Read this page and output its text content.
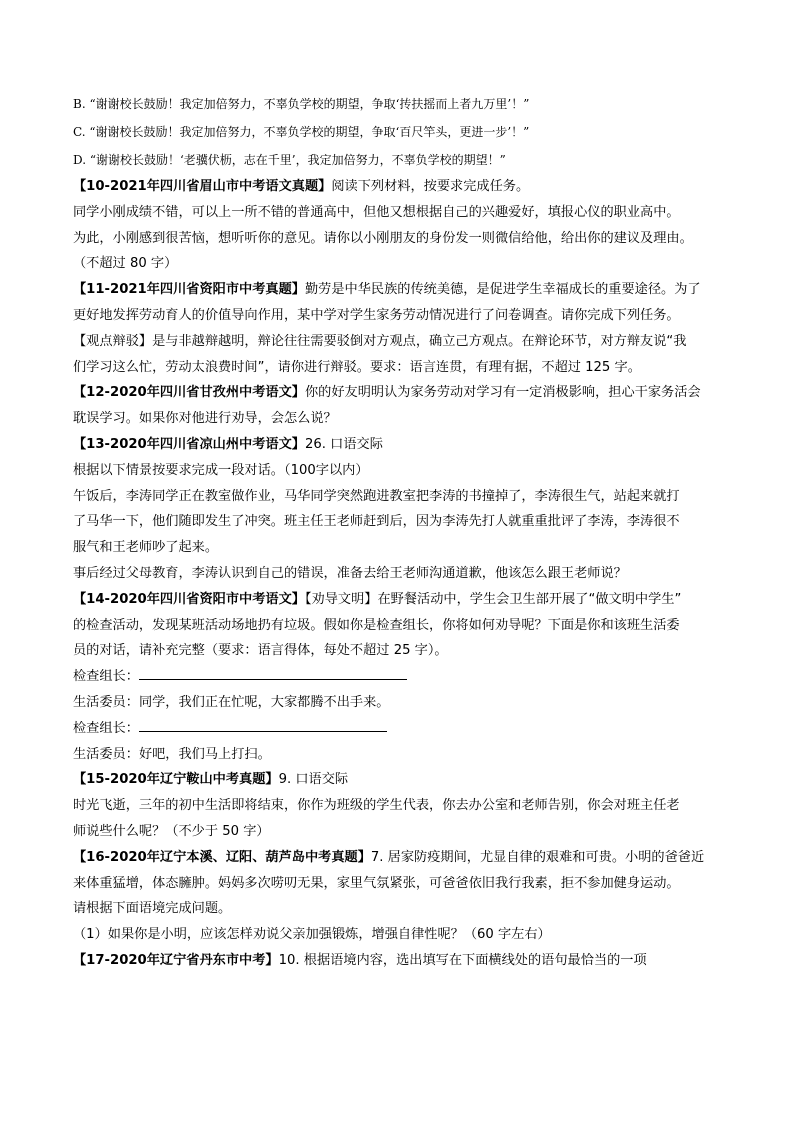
B. “谢谢校长鼓励！我定加倍努力，不辜负学校的期望，争取‘抟扶摇而上者九万里’！”

C. “谢谢校长鼓励！我定加倍努力，不辜负学校的期望，争取‘百尺竿头，更进一步’！”

D. “谢谢校长鼓励！‘老骥伏枥，志在千里’，我定加倍努力，不辜负学校的期望！”

【10-2021年四川省眉山市中考语文真题】阅读下列材料，按要求完成任务。

同学小刚成绩不错，可以上一所不错的普通高中，但他又想根据自己的兴趣爱好，填报心仪的职业高中。

为此，小刚感到很苦恼，想听听你的意见。请你以小刚朋友的身份发一则微信给他，给出你的建议及理由。

（不超过 80 字）

【11-2021年四川省资阳市中考真题】勤劳是中华民族的传统美德，是促进学生幸福成长的重要途径。为了

更好地发挥劳动育人的价值导向作用，某中学对学生家务劳动情况进行了问卷调查。请你完成下列任务。

【观点辩驳】是与非越辩越明，辩论往往需要驳倒对方观点，确立己方观点。在辩论环节，对方辩友说“我

们学习这么忙，劳动太浪费时间”，请你进行辩驳。要求：语言连贯，有理有据，不超过 125 字。

【12-2020年四川省甘孜州中考语文】你的好友明明认为家务劳动对学习有一定消极影响，担心干家务活会

耽误学习。如果你对他进行劝导，会怎么说？

【13-2020年四川省凉山州中考语文】26. 口语交际

根据以下情景按要求完成一段对话。（100字以内）

午饭后，李涛同学正在教室做作业，马华同学突然跑进教室把李涛的书撞掉了，李涛很生气，站起来就打

了马华一下，他们随即发生了冲突。班主任王老师赶到后，因为李涛先打人就重重批评了李涛，李涛很不

服气和王老师吵了起来。

事后经过父母教育，李涛认识到自己的错误，准备去给王老师沟通道歉，他该怎么跟王老师说？

【14-2020年四川省资阳市中考语文】【劝导文明】在野餐活动中，学生会卫生部开展了“做文明中学生”

的检查活动，发现某班活动场地扔有垃圾。假如你是检查组长，你将如何劝导呢？下面是你和该班生活委

员的对话，请补充完整（要求：语言得体，每处不超过 25 字）。

检查组长：

生活委员：同学，我们正在忙呢，大家都腾不出手来。

检查组长：

生活委员：好吧，我们马上打扫。

【15-2020年辽宁鞍山中考真题】9. 口语交际

时光飞逝，三年的初中生活即将结束，你作为班级的学生代表，你去办公室和老师告别，你会对班主任老

师说些什么呢？（不少于 50 字）

【16-2020年辽宁本溪、辽阳、葫芦岛中考真题】7. 居家防疫期间，尤显自律的艰难和可贵。小明的爸爸近

来体重猛增，体态臃肿。妈妈多次唠叨无果，家里气氛紧张，可爸爸依旧我行我素，拒不参加健身运动。

请根据下面语境完成问题。

（1）如果你是小明，应该怎样劝说父亲加强锻炼，增强自律性呢？（60 字左右）

【17-2020年辽宁省丹东市中考】10. 根据语境内容，选出填写在下面横线处的语句最恰当的一项
